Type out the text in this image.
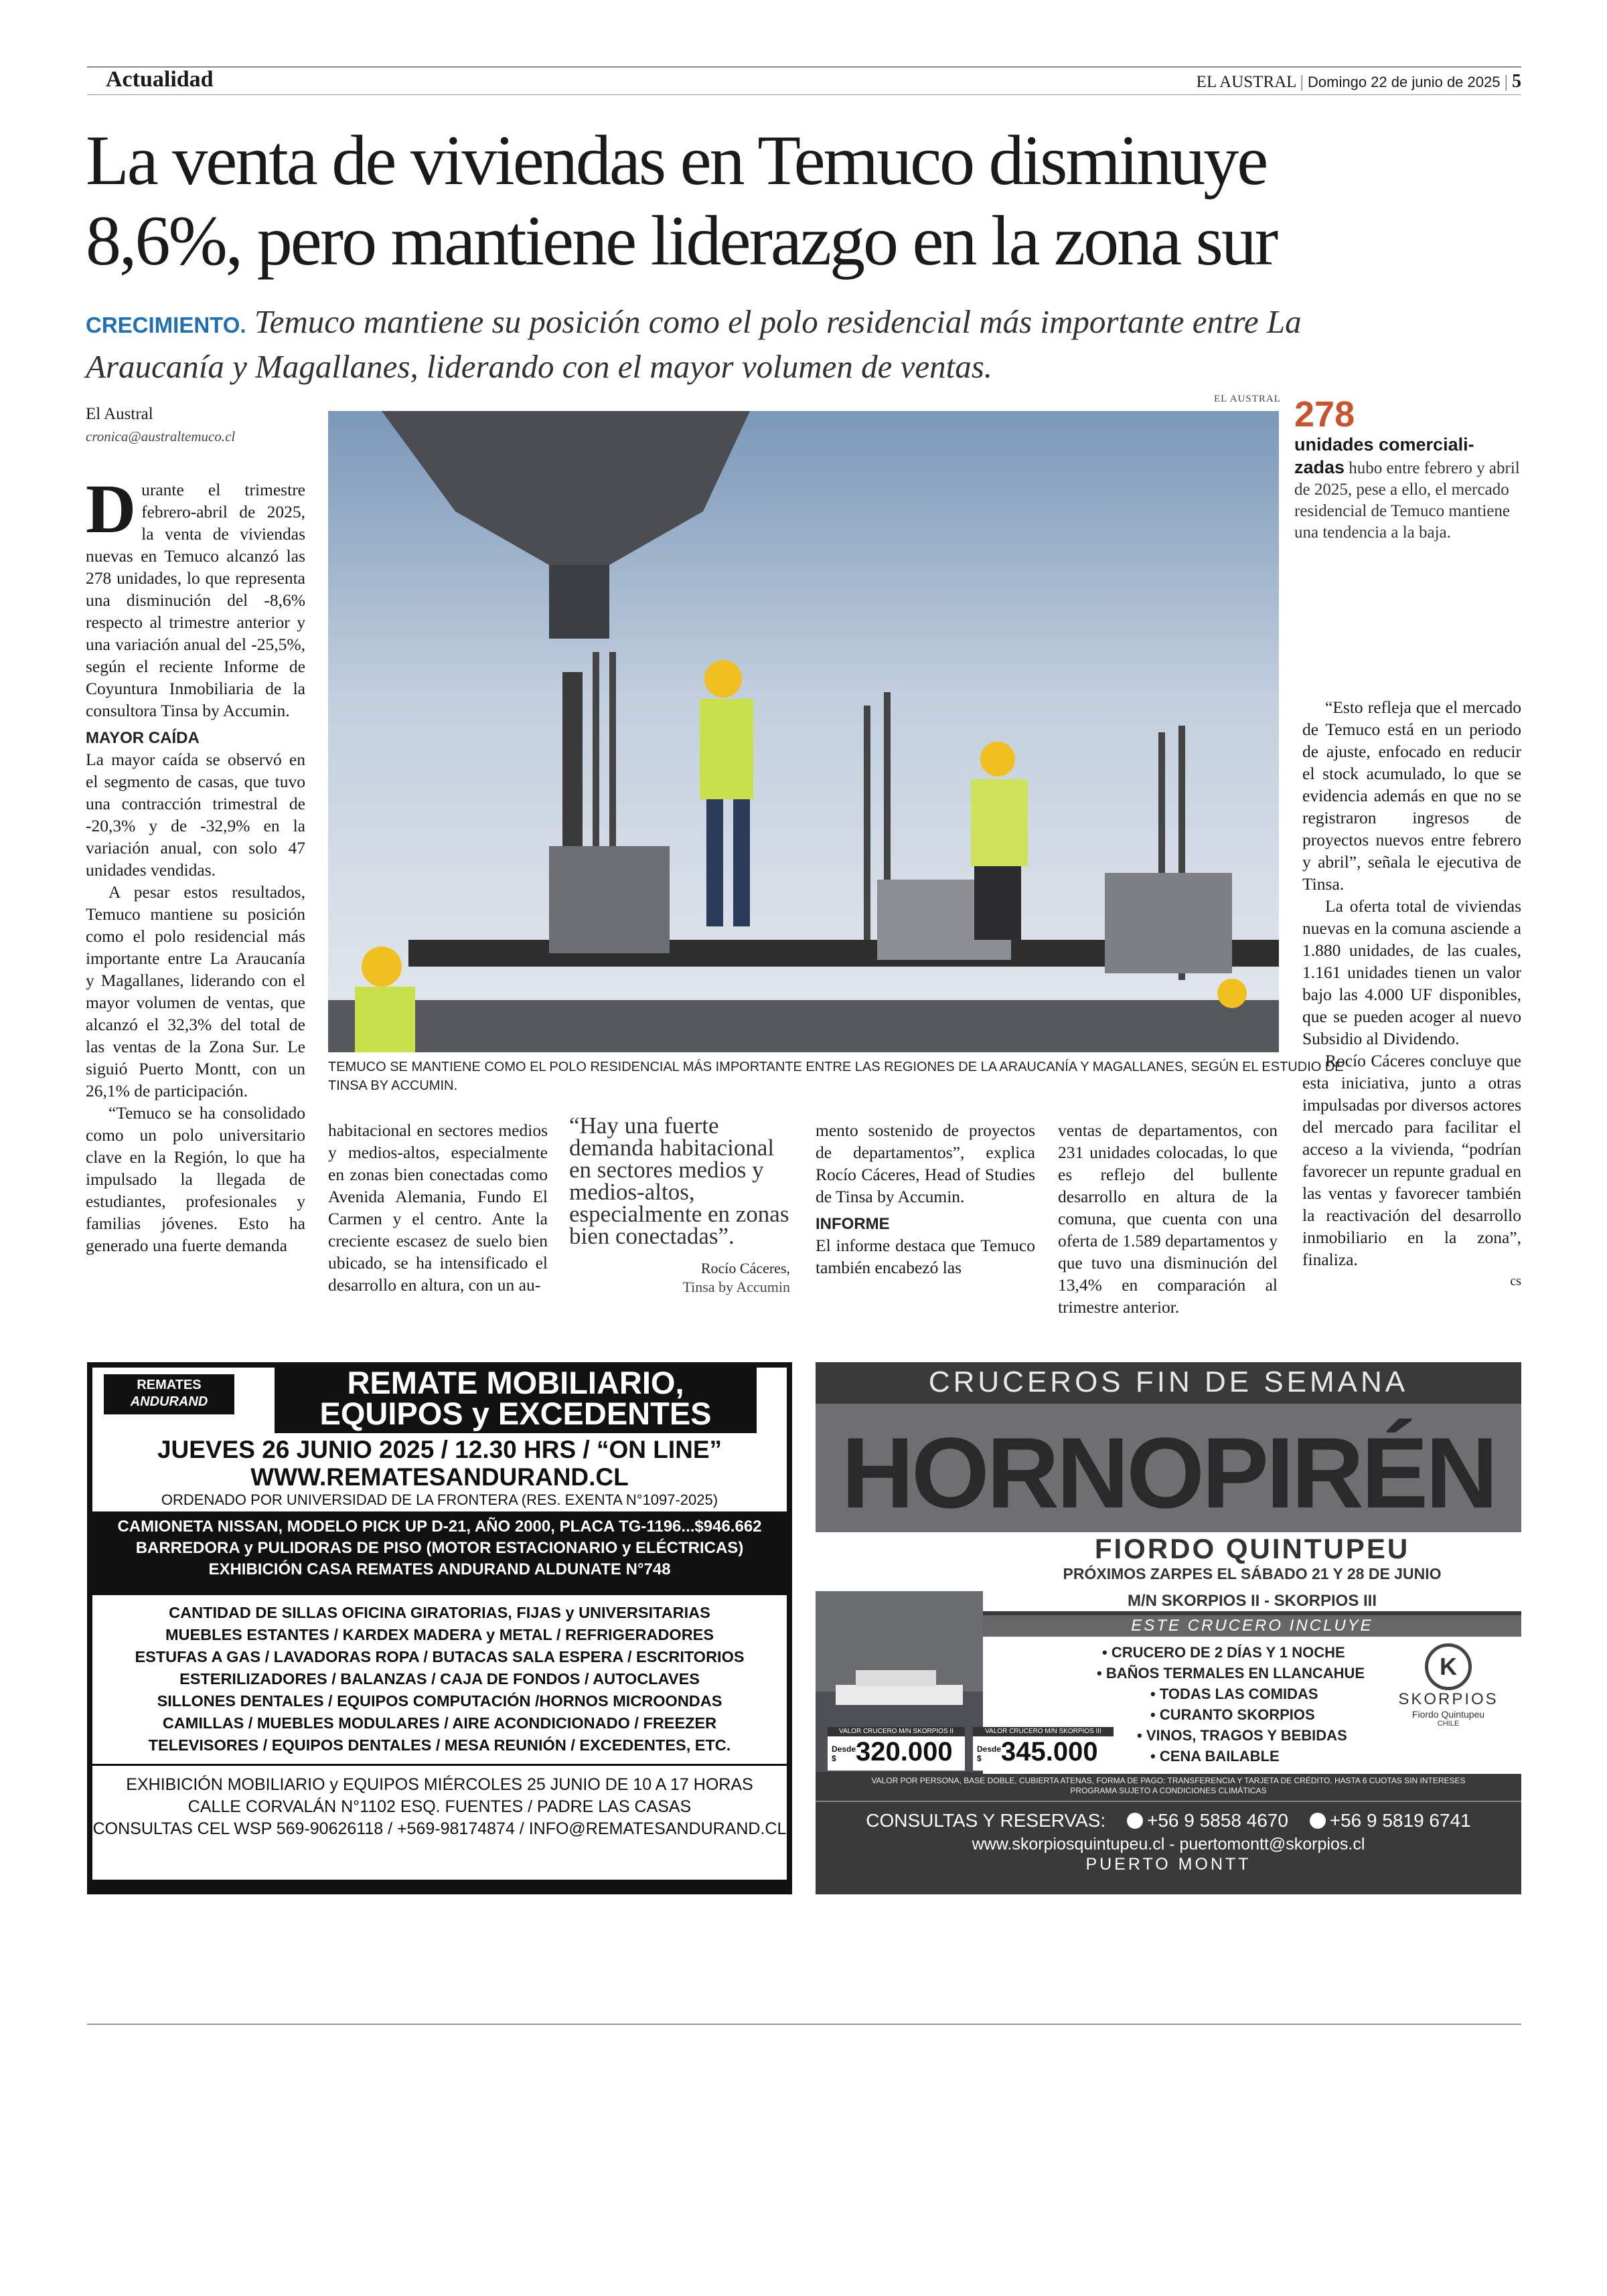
Actualidad	EL AUSTRAL | Domingo 22 de junio de 2025 | 5
La venta de viviendas en Temuco disminuye
8,6%, pero mantiene liderazgo en la zona sur
CRECIMIENTO. Temuco mantiene su posición como el polo residencial más importante entre La
Araucanía y Magallanes, liderando con el mayor volumen de ventas.
El Austral
cronica@australtemuco.cl

Durante el trimestre febrero-abril de 2025, la venta de viviendas nuevas en Temuco alcanzó las 278 unidades, lo que representa una disminución del -8,6% respecto al trimestre anterior y una variación anual del -25,5%, según el reciente Informe de Coyuntura Inmobiliaria de la consultora Tinsa by Accumin.

MAYOR CAÍDA

La mayor caída se observó en el segmento de casas, que tuvo una contracción trimestral de -20,3% y de -32,9% en la variación anual, con solo 47 unidades vendidas.

A pesar estos resultados, Temuco mantiene su posición como el polo residencial más importante entre La Araucanía y Magallanes, liderando con el mayor volumen de ventas, que alcanzó el 32,3% del total de las ventas de la Zona Sur. Le siguió Puerto Montt, con un 26,1% de participación.

“Temuco se ha consolidado como un polo universitario clave en la Región, lo que ha impulsado la llegada de estudiantes, profesionales y familias jóvenes. Esto ha generado una fuerte demanda

EL AUSTRAL
TEMUCO SE MANTIENE COMO EL POLO RESIDENCIAL MÁS IMPORTANTE ENTRE LAS REGIONES DE LA ARAUCANÍA Y MAGALLANES, SEGÚN EL ESTUDIO DE
TINSA BY ACCUMIN.
278
unidades comerciali-zadas hubo entre febrero y abril de 2025, pese a ello, el mercado residencial de Temuco mantiene una tendencia a la baja.

habitacional en sectores medios y medios-altos, especialmente en zonas bien conectadas como Avenida Alemania, Fundo El Carmen y el centro. Ante la creciente escasez de suelo bien ubicado, se ha intensificado el desarrollo en altura, con un au-

“Hay una fuerte demanda habitacional en sectores medios y medios-altos, especialmente en zonas bien conectadas”.
Rocío Cáceres,
Tinsa by Accumin

mento sostenido de proyectos de departamentos”, explica Rocío Cáceres, Head of Studies de Tinsa by Accumin.

INFORME

El informe destaca que Temuco también encabezó las

ventas de departamentos, con 231 unidades colocadas, lo que es reflejo del bullente desarrollo en altura de la comuna, que cuenta con una oferta de 1.589 departamentos y que tuvo una disminución del 13,4% en comparación al trimestre anterior.

“Esto refleja que el mercado de Temuco está en un periodo de ajuste, enfocado en reducir el stock acumulado, lo que se evidencia además en que no se registraron ingresos de proyectos nuevos entre febrero y abril”, señala le ejecutiva de Tinsa.

La oferta total de viviendas nuevas en la comuna asciende a 1.880 unidades, de las cuales, 1.161 unidades tienen un valor bajo las 4.000 UF disponibles, que se pueden acoger al nuevo Subsidio al Dividendo.

Rocío Cáceres concluye que esta iniciativa, junto a otras impulsadas por diversos actores del mercado para facilitar el acceso a la vivienda, “podrían favorecer un repunte gradual en las ventas y favorecer también la reactivación del desarrollo inmobiliario en la zona”, finaliza.

cs
REMATES
ANDURAND
REMATE MOBILIARIO,
EQUIPOS y EXCEDENTES
JUEVES 26 JUNIO 2025 / 12.30 HRS / “ON LINE”
WWW.REMATESANDURAND.CL
ORDENADO POR UNIVERSIDAD DE LA FRONTERA (RES. EXENTA N°1097-2025)
CAMIONETA NISSAN, MODELO PICK UP D-21, AÑO 2000, PLACA TG-1196...$946.662
BARREDORA y PULIDORAS DE PISO (MOTOR ESTACIONARIO y ELÉCTRICAS)
EXHIBICIÓN CASA REMATES ANDURAND ALDUNATE N°748
CANTIDAD DE SILLAS OFICINA GIRATORIAS, FIJAS y UNIVERSITARIAS
MUEBLES ESTANTES / KARDEX MADERA y METAL / REFRIGERADORES
ESTUFAS A GAS / LAVADORAS ROPA / BUTACAS SALA ESPERA / ESCRITORIOS
ESTERILIZADORES / BALANZAS / CAJA DE FONDOS / AUTOCLAVES
SILLONES DENTALES / EQUIPOS COMPUTACIÓN /HORNOS MICROONDAS
CAMILLAS / MUEBLES MODULARES / AIRE ACONDICIONADO / FREEZER
TELEVISORES / EQUIPOS DENTALES / MESA REUNIÓN / EXCEDENTES, ETC.
EXHIBICIÓN MOBILIARIO y EQUIPOS MIÉRCOLES 25 JUNIO DE 10 A 17 HORAS
CALLE CORVALÁN N°1102 ESQ. FUENTES / PADRE LAS CASAS
CONSULTAS CEL WSP 569-90626118 / +569-98174874 / INFO@REMATESANDURAND.CL
MARCELO ANDURAND RÜTH / MARTILLERO PÚBLICO N°1003
CRUCEROS FIN DE SEMANA
HORNOPIRÉN
FIORDO QUINTUPEU
PRÓXIMOS ZARPES EL SÁBADO 21 Y 28 DE JUNIO
M/N SKORPIOS II - SKORPIOS III
ESTE CRUCERO INCLUYE
• CRUCERO DE 2 DÍAS Y 1 NOCHE
• BAÑOS TERMALES EN LLANCAHUE
• TODAS LAS COMIDAS
• CURANTO SKORPIOS
• VINOS, TRAGOS Y BEBIDAS
• CENA BAILABLE
K
SKORPIOS
Fiordo Quintupeu
CHILE
VALOR CRUCERO M/N SKORPIOS II
Desde $ 320.000
VALOR CRUCERO M/N SKORPIOS III
Desde $ 345.000
VALOR POR PERSONA, BASE DOBLE, CUBIERTA ATENAS, FORMA DE PAGO: TRANSFERENCIA Y TARJETA DE CRÉDITO, HASTA 6 CUOTAS SIN INTERESES
PROGRAMA SUJETO A CONDICIONES CLIMÁTICAS
CONSULTAS Y RESERVAS: +56 9 5858 4670 +56 9 5819 6741
www.skorpiosquintupeu.cl - puertomontt@skorpios.cl
PUERTO MONTT
